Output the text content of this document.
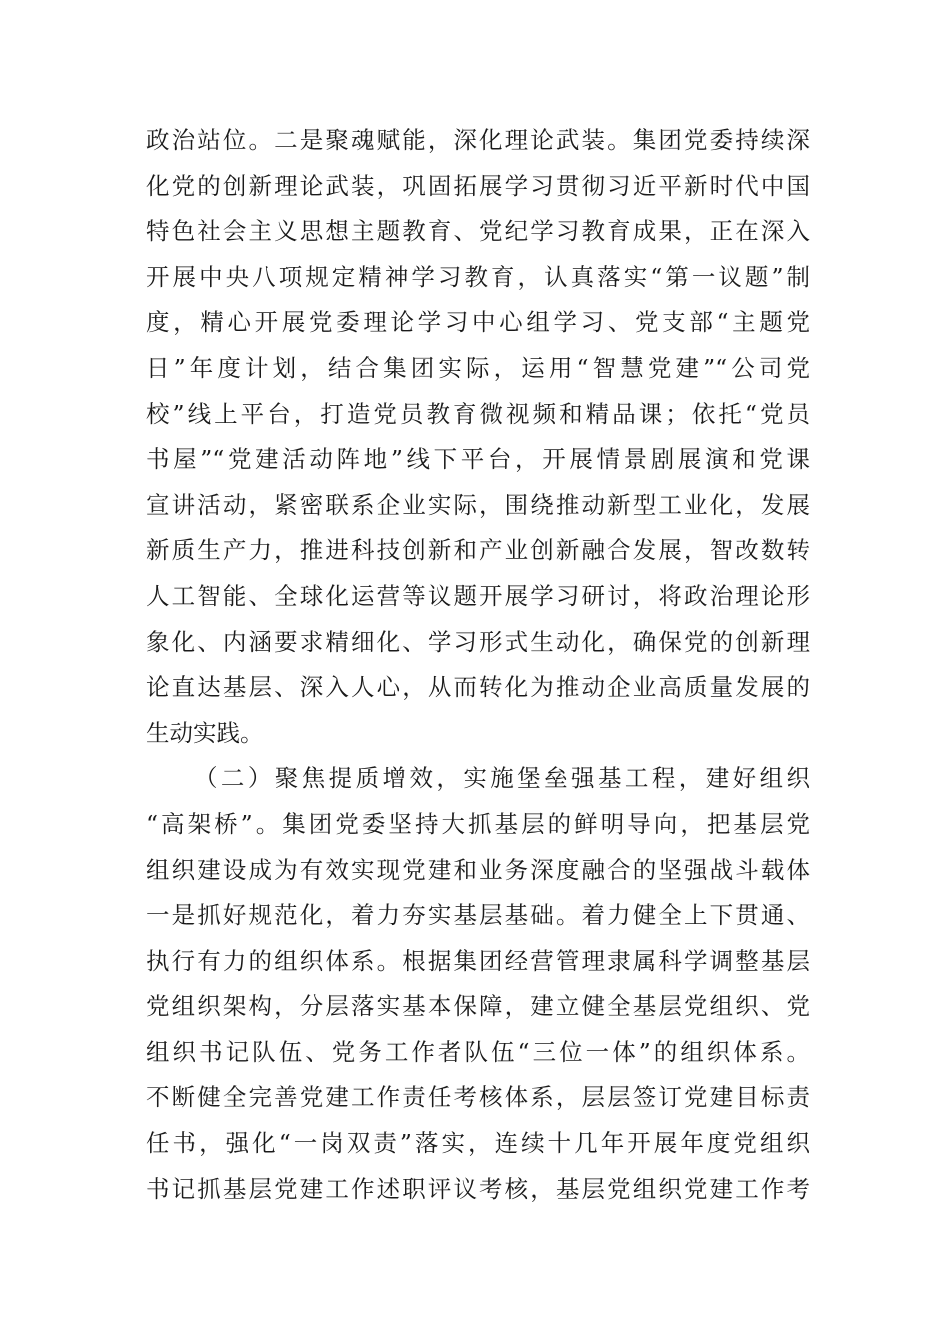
政治站位。二是聚魂赋能，深化理论武装。集团党委持续深
化党的创新理论武装，巩固拓展学习贯彻习近平新时代中国
特色社会主义思想主题教育、党纪学习教育成果，正在深入
开展中央八项规定精神学习教育，认真落实“第一议题”制
度，精心开展党委理论学习中心组学习、党支部“主题党
日”年度计划，结合集团实际，运用“智慧党建”“公司党
校”线上平台，打造党员教育微视频和精品课；依托“党员
书屋”“党建活动阵地”线下平台，开展情景剧展演和党课
宣讲活动，紧密联系企业实际，围绕推动新型工业化，发展
新质生产力，推进科技创新和产业创新融合发展，智改数转
人工智能、全球化运营等议题开展学习研讨，将政治理论形
象化、内涵要求精细化、学习形式生动化，确保党的创新理
论直达基层、深入人心，从而转化为推动企业高质量发展的
生动实践。
（二）聚焦提质增效，实施堡垒强基工程，建好组织
“高架桥”。集团党委坚持大抓基层的鲜明导向，把基层党
组织建设成为有效实现党建和业务深度融合的坚强战斗载体
一是抓好规范化，着力夯实基层基础。着力健全上下贯通、
执行有力的组织体系。根据集团经营管理隶属科学调整基层
党组织架构，分层落实基本保障，建立健全基层党组织、党
组织书记队伍、党务工作者队伍“三位一体”的组织体系。
不断健全完善党建工作责任考核体系，层层签订党建目标责
任书，强化“一岗双责”落实，连续十几年开展年度党组织
书记抓基层党建工作述职评议考核，基层党组织党建工作考
